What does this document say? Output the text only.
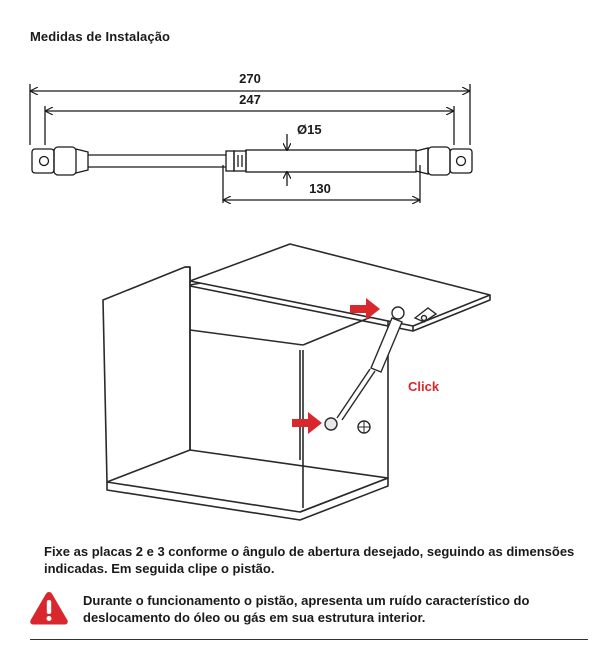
Medidas de Instalação
270
247
Ø15
130
Click
Fixe as placas 2 e 3 conforme o ângulo de abertura desejado, seguindo as dimensões indicadas. Em seguida clipe o pistão.
Durante o funcionamento o pistão, apresenta um ruído característico do deslocamento do óleo ou gás em sua estrutura interior.
